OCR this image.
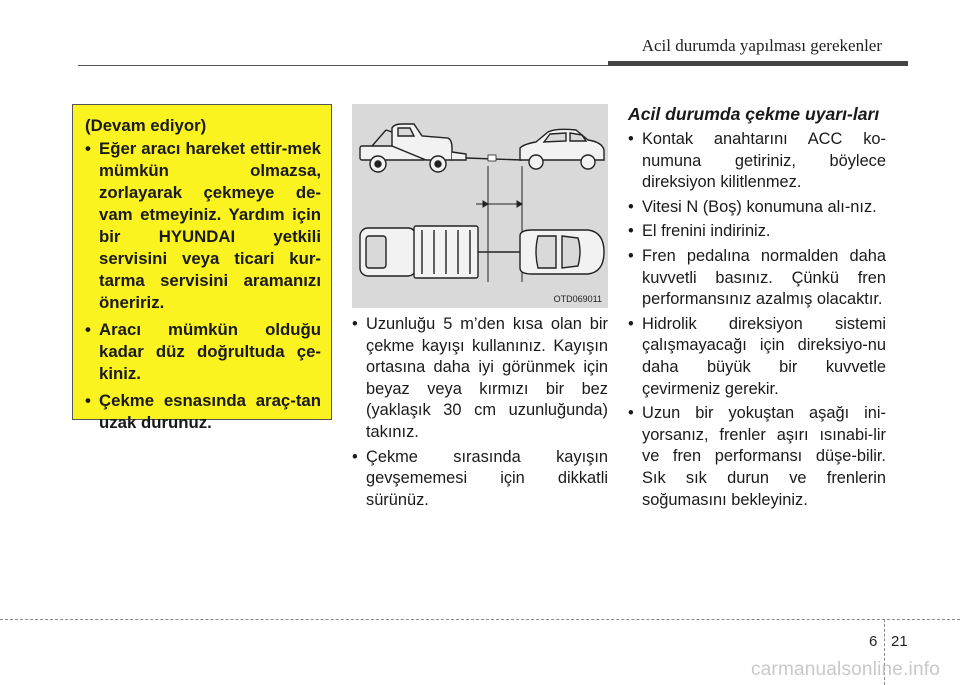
Acil durumda yapılması gerekenler

(Devam ediyor)

• Eğer aracı hareket ettir-mek mümkün olmazsa, zorlayarak çekmeye de-vam etmeyiniz. Yardım için bir HYUNDAI yetkili servisini veya ticari kur-tarma servisini aramanızı öneririz.
• Aracı mümkün olduğu kadar düz doğrultuda çe-kiniz.
• Çekme esnasında araç-tan uzak durunuz.
OTD069011
• Uzunluğu 5 m’den kısa olan bir çekme kayışı kullanınız. Kayışın ortasına daha iyi görünmek için beyaz veya kırmızı bir bez (yaklaşık 30 cm uzunluğunda) takınız.
• Çekme sırasında kayışın gevşememesi için dikkatli sürünüz.
Acil durumda çekme uyarı-ları
• Kontak anahtarını ACC ko-numuna getiriniz, böylece direksiyon kilitlenmez.
• Vitesi N (Boş) konumuna alı-nız.
• El frenini indiriniz.
• Fren pedalına normalden daha kuvvetli basınız. Çünkü fren performansınız azalmış olacaktır.
• Hidrolik direksiyon sistemi çalışmayacağı için direksiyo-nu daha büyük bir kuvvetle çevirmeniz gerekir.
• Uzun bir yokuştan aşağı ini-yorsanız, frenler aşırı ısınabi-lir ve fren performansı düşe-bilir. Sık sık durun ve frenlerin soğumasını bekleyiniz.
6 21
carmanualsonline.info
